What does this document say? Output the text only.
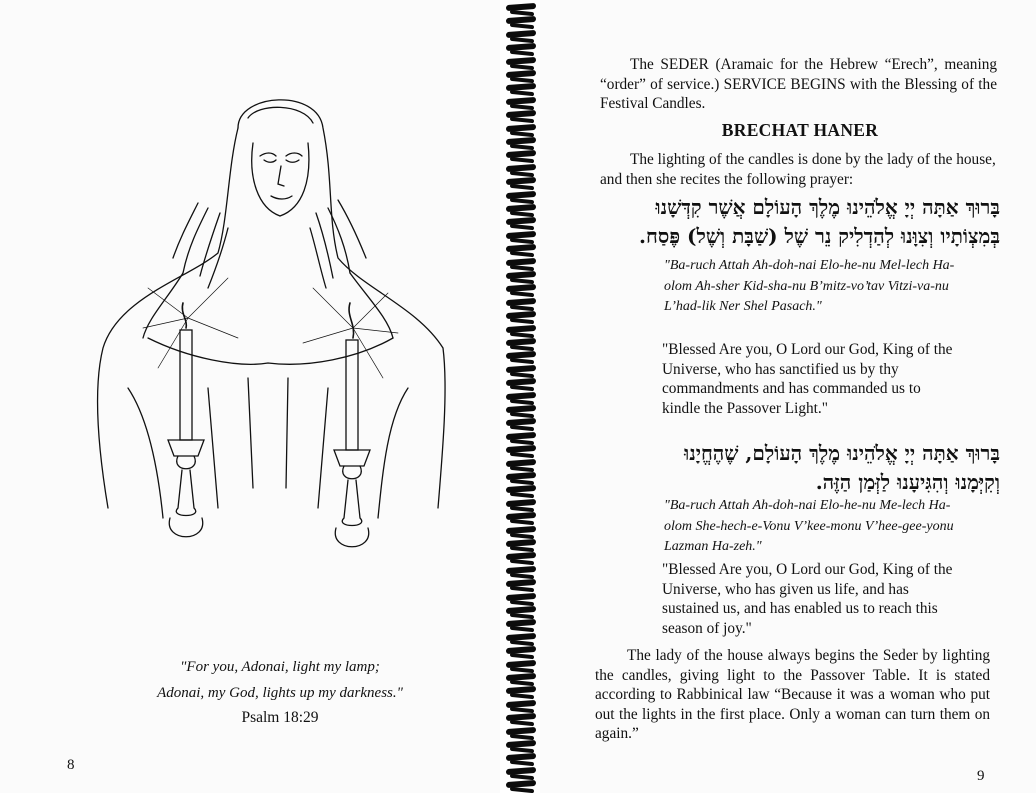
"For you, Adonai, light my lamp;
Adonai, my God, lights up my darkness."
Psalm 18:29
8
The SEDER (Aramaic for the Hebrew “Erech”, meaning “order” of service.) SERVICE BEGINS with the Blessing of the Festival Candles.
BRECHAT HANER
The lighting of the candles is done by the lady of the house, and then she recites the following prayer:
בָּרוּךְ אַתָּה יְיָ אֱלֹהֵינוּ מֶלֶךְ הָעוֹלָם אֲשֶׁר קִדְּשָׁנוּ
בְּמִצְוֹתָיו וְצִוָּנוּ לְהַדְלִיק נֵר שֶׁל (שַׁבָּת וְשֶׁל) פֶּסַח.
"Ba-ruch Attah Ah-doh-nai Elo-he-nu Mel-lech Ha-olom Ah-sher Kid-sha-nu B’mitz-vo’tav Vitzi-va-nu L’had-lik Ner Shel Pasach."
"Blessed Are you, O Lord our God, King of the Universe, who has sanctified us by thy commandments and has commanded us to kindle the Passover Light."
בָּרוּךְ אַתָּה יְיָ אֱלֹהֵינוּ מֶלֶךְ הָעוֹלָם, שֶׁהֶחֱיָנוּ
וְקִיְּמָנוּ וְהִגִּיעָנוּ לַזְּמַן הַזֶּה.
"Ba-ruch Attah Ah-doh-nai Elo-he-nu Me-lech Ha-olom She-hech-e-Vonu V’kee-monu V’hee-gee-yonu Lazman Ha-zeh."
"Blessed Are you, O Lord our God, King of the Universe, who has given us life, and has sustained us, and has enabled us to reach this season of joy."
The lady of the house always begins the Seder by lighting the candles, giving light to the Passover Table. It is stated according to Rabbinical law “Because it was a woman who put out the lights in the first place. Only a woman can turn them on again.”
9
